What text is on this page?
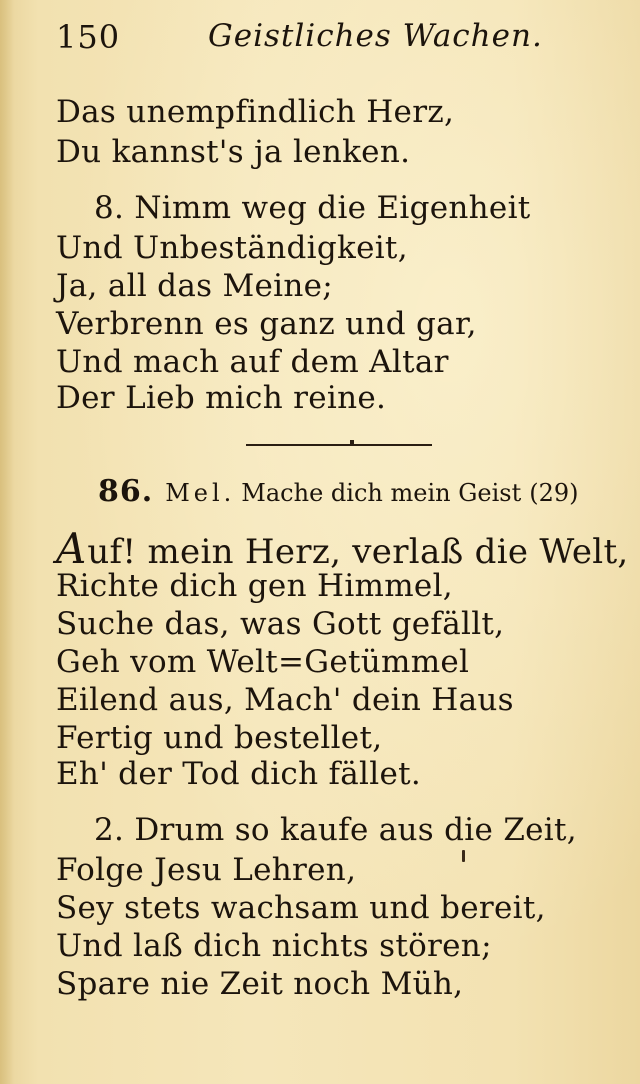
150	Geistliches Wachen.
Das unempfindlich Herz,
Du kannst's ja lenken.
8. Nimm weg die Eigenheit
Und Unbeständigkeit,
Ja, all das Meine;
Verbrenn es ganz und gar,
Und mach auf dem Altar
Der Lieb mich reine.
86. Mel. Mache dich mein Geist (29)
Auf! mein Herz, verlaß die Welt,
Richte dich gen Himmel,
Suche das, was Gott gefällt,
Geh vom Welt=Getümmel
Eilend aus, Mach' dein Haus
Fertig und bestellet,
Eh' der Tod dich fället.
2. Drum so kaufe aus die Zeit,
Folge Jesu Lehren,
Sey stets wachsam und bereit,
Und laß dich nichts stören;
Spare nie Zeit noch Müh,
